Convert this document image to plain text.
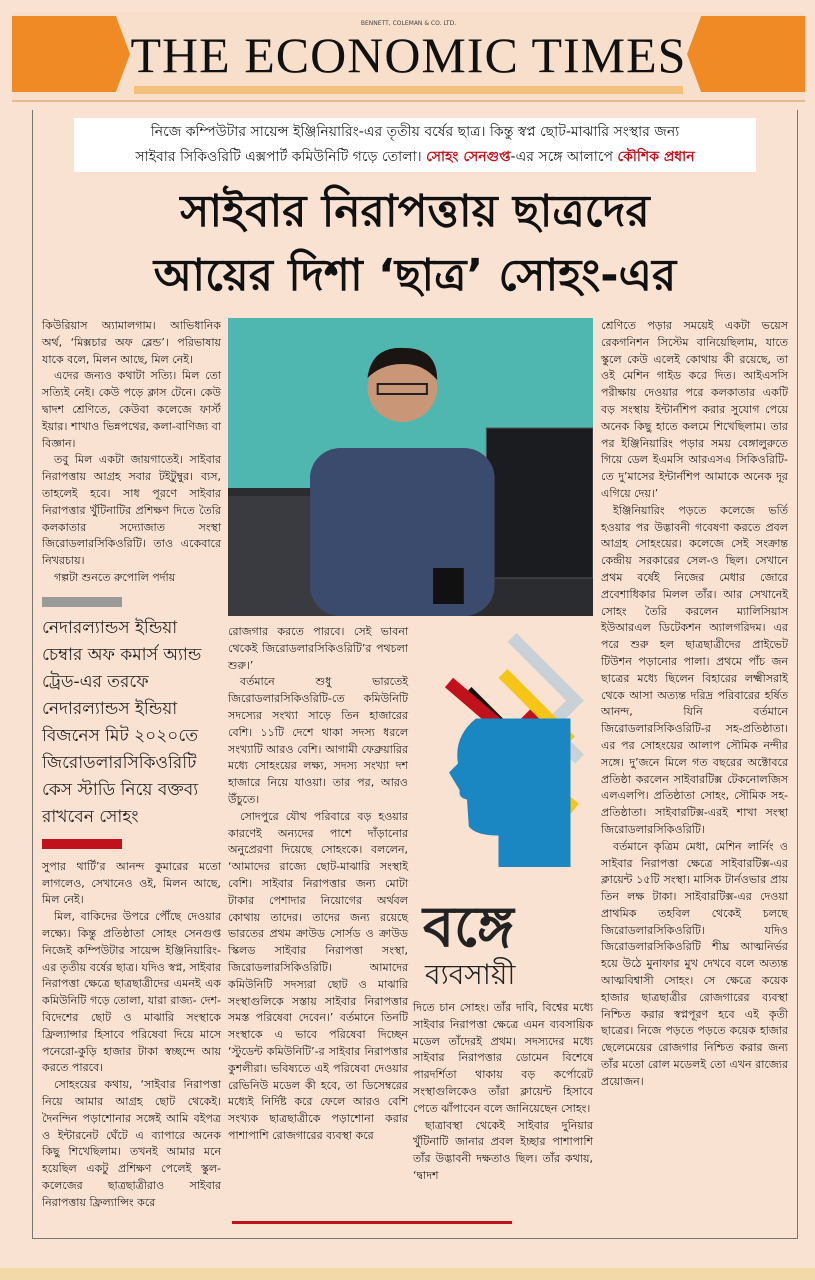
BENNETT, COLEMAN & CO. LTD.
THE ECONOMIC TIMES
নিজে কম্পিউটার সায়েন্স ইঞ্জিনিয়ারিং-এর তৃতীয় বর্ষের ছাত্র। কিন্তু স্বপ্ন ছোট-মাঝারি সংস্থার জন্য
সাইবার সিকিওরিটি এক্সপার্ট কমিউনিটি গড়ে তোলা। সোহং সেনগুপ্ত-এর সঙ্গে আলাপে কৌশিক প্রধান
সাইবার নিরাপত্তায় ছাত্রদের
আয়ের দিশা ‘ছাত্র’ সোহং-এর

কিউরিয়াস অ্যামালগাম। আভিধানিক অর্থ, ‘মিক্সচার অফ ব্লেন্ড’। পরিভাষায় যাকে বলে, মিলন আছে, মিল নেই।

এদের জন্যও কথাটা সত্যি। মিল তো সত্যিই নেই। কেউ পড়ে ক্লাস টেনে। কেউ দ্বাদশ শ্রেণিতে, কেউবা কলেজে ফার্স্ট ইয়ার। শাখাও ভিন্নপথের, কলা-বাণিজ্য বা বিজ্ঞান।

তবু মিল একটা জায়গাতেই। সাইবার নিরাপত্তায় আগ্রহ সবার টইটুম্বুর। ব্যস, তাহলেই হবে। সাধ পূরণে সাইবার নিরাপত্তার খুঁটিনাটির প্রশিক্ষণ দিতে তৈরি কলকাতার সদ্যোজাত সংস্থা জিরোডলারসিকিওরিটি। তাও একেবারে নিখরচায়।

গল্পটা শুনতে রুপোলি পর্দায়

নেদারল্যান্ডস ইন্ডিয়া চেম্বার অফ কমার্স অ্যান্ড ট্রেড-এর তরফে নেদারল্যান্ডস ইন্ডিয়া বিজনেস মিট ২০২০তে জিরোডলারসিকিওরিটি কেস স্টাডি নিয়ে বক্তব্য রাখবেন সোহং

সুপার থার্টি’র আনন্দ কুমারের মতো লাগলেও, সেখানেও ওই, মিলন আছে, মিল নেই।

মিল, বাকিদের উপরে পৌঁছে দেওয়ার লক্ষ্যে। কিন্তু প্রতিষ্ঠাতা সোহং সেনগুপ্ত নিজেই কম্পিউটার সায়েন্স ইঞ্জিনিয়ারিং-এর তৃতীয় বর্ষের ছাত্র। যদিও স্বপ্ন, সাইবার নিরাপত্তা ক্ষেত্রে ছাত্রছাত্রীদের এমনই এক কমিউনিটি গড়ে তোলা, যারা রাজ্য- দেশ-বিদেশের ছোট ও মাঝারি সংস্থাকে ফ্রিল্যান্সার হিসাবে পরিষেবা দিয়ে মাসে পনেরো-কুড়ি হাজার টাকা স্বচ্ছন্দে আয় করতে পারবে।

সোহংয়ের কথায়, ‘সাইবার নিরাপত্তা নিয়ে আমার আগ্রহ ছোট থেকেই। দৈনন্দিন পড়াশোনার সঙ্গেই আমি বইপত্র ও ইন্টারনেট ঘেঁটে এ ব্যাপারে অনেক কিছু শিখেছিলাম। তখনই আমার মনে হয়েছিল একটু প্রশিক্ষণ পেলেই স্কুল-কলেজের ছাত্রছাত্রীরাও সাইবার নিরাপত্তায় ফ্রিল্যান্সিং করে

রোজগার করতে পারবে। সেই ভাবনা থেকেই জিরোডলারসিকিওরিটি’র পথচলা শুরু।’

বর্তমানে শুধু ভারতেই জিরোডলারসিকিওরিটি-তে কমিউনিটি সদস্যের সংখ্যা সাড়ে তিন হাজারের বেশি। ১১টি দেশে থাকা সদস্য ধরলে সংখ্যাটি আরও বেশি। আগামী ফেব্রুয়ারির মধ্যে সোহংয়ের লক্ষ্য, সদস্য সংখ্যা দশ হাজারে নিয়ে যাওয়া। তার পর, আরও উঁচুতে।

সোদপুরে যৌথ পরিবারে বড় হওয়ার কারণেই অন্যদের পাশে দাঁড়ানোর অনুপ্রেরণা দিয়েছে সোহংকে। বললেন, ‘আমাদের রাজ্যে ছোট-মাঝারি সংস্থাই বেশি। সাইবার নিরাপত্তার জন্য মোটা টাকার পেশাদার নিয়োগের অর্থবল কোথায় তাদের। তাদের জন্য রয়েছে ভারতের প্রথম ক্রাউড সোর্সড ও ক্রাউড স্কিলড সাইবার নিরাপত্তা সংস্থা, জিরোডলারসিকিওরিটি। আমাদের কমিউনিটি সদস্যরা ছোট ও মাঝারি সংস্থাগুলিকে সস্তায় সাইবার নিরাপত্তার সমস্ত পরিষেবা দেবেন।’ বর্তমানে তিনটি সংস্থাকে এ ভাবে পরিষেবা দিচ্ছেন ‘স্টুডেন্ট কমিউনিটি’-র সাইবার নিরাপত্তার কুশলীরা। ভবিষ্যতে এই পরিষেবা দেওয়ার রেভিনিউ মডেল কী হবে, তা ডিসেম্বরের মধ্যেই নির্দিষ্ট করে ফেলে আরও বেশি সংখ্যক ছাত্রছাত্রীকে পড়াশোনা করার পাশাপাশি রোজগারের ব্যবস্থা করে

বঙ্গে
ব্যবসায়ী

দিতে চান সোহং। তাঁর দাবি, বিশ্বের মধ্যে সাইবার নিরাপত্তা ক্ষেত্রে এমন ব্যবসায়িক মডেল তাঁদেরই প্রথম। সদস্যদের মধ্যে সাইবার নিরাপত্তার ডোমেন বিশেষে পারদর্শিতা থাকায় বড় কর্পোরেট সংস্থাগুলিকেও তাঁরা ক্লায়েন্ট হিসাবে পেতে ঝাঁপাবেন বলে জানিয়েছেন সোহং।

ছাত্রাবস্থা থেকেই সাইবার দুনিয়ার খুঁটিনাটি জানার প্রবল ইচ্ছার পাশাপাশি তাঁর উদ্ভাবনী দক্ষতাও ছিল। তাঁর কথায়, ‘দ্বাদশ

শ্রেণিতে পড়ার সময়েই একটা ভয়েস রেকগনিশন সিস্টেম বানিয়েছিলাম, যাতে স্কুলে কেউ এলেই কোথায় কী রয়েছে, তা ওই মেশিন গাইড করে দিত। আইএসসি পরীক্ষায় দেওয়ার পরে কলকাতার একটি বড় সংস্থায় ইন্টার্নশিপ করার সুযোগ পেয়ে অনেক কিছু হাতে কলমে শিখেছিলাম। তার পর ইঞ্জিনিয়ারিং পড়ার সময় বেঙ্গালুরুতে গিয়ে ডেল ইএমসি আরএসএ সিকিওরিটি-তে দু’মাসের ইন্টার্নশিপ আমাকে অনেক দূর এগিয়ে দেয়।’

ইঞ্জিনিয়ারিং পড়তে কলেজে ভর্তি হওয়ার পর উদ্ভাবনী গবেষণা করতে প্রবল আগ্রহ সোহংয়ের। কলেজে সেই সংক্রান্ত কেন্দ্রীয় সরকারের সেল-ও ছিল। সেখানে প্রথম বর্ষেই নিজের মেধার জোরে প্রবেশাধিকার মিলল তাঁর। আর সেখানেই সোহং তৈরি করলেন ম্যালিসিয়াস ইউআরএল ডিটেকশন অ্যালগরিদম। এর পরে শুরু হল ছাত্রছাত্রীদের প্রাইভেট টিউশন পড়ানোর পালা। প্রথমে পাঁচ জন ছাত্রের মধ্যে ছিলেন বিহারের লক্ষ্মীসরাই থেকে আসা অত্যন্ত দরিদ্র পরিবারের হর্ষিত আনন্দ, যিনি বর্তমানে জিরোডলারসিকিওরিটি-র সহ-প্রতিষ্ঠাতা। এর পর সোহংয়ের আলাপ সৌমিক নন্দীর সঙ্গে। দু’জনে মিলে গত বছরের অক্টোবরে প্রতিষ্ঠা করলেন সাইবারটিক্স টেকনোলজিস এলএলপি। প্রতিষ্ঠাতা সোহং, সৌমিক সহ-প্রতিষ্ঠাতা। সাইবারটিক্স-এরই শাখা সংস্থা জিরোডলারসিকিওরিটি।

বর্তমানে কৃত্রিম মেধা, মেশিন লার্নিং ও সাইবার নিরাপত্তা ক্ষেত্রে সাইবারটিক্স-এর ক্লায়েন্ট ১৫টি সংস্থা। মাসিক টার্নওভার প্রায় তিন লক্ষ টাকা। সাইবারটিক্স-এর দেওয়া প্রাথমিক তহবিল থেকেই চলছে জিরোডলারসিকিওরিটি। যদিও জিরোডলারসিকিওরিটি শীঘ্র আত্মনির্ভর হয়ে উঠে মুনাফার মুখ দেখবে বলে অত্যন্ত আত্মবিশ্বাসী সোহং। সে ক্ষেত্রে কয়েক হাজার ছাত্রছাত্রীর রোজগারের ব্যবস্থা নিশ্চিত করার স্বপ্নপূরণ হবে এই কৃতী ছাত্রের। নিজে পড়তে পড়তে কয়েক হাজার ছেলেমেয়ের রোজগার নিশ্চিত করার জন্য তাঁর মতো রোল মডেলই তো এখন রাজ্যের প্রয়োজন।
